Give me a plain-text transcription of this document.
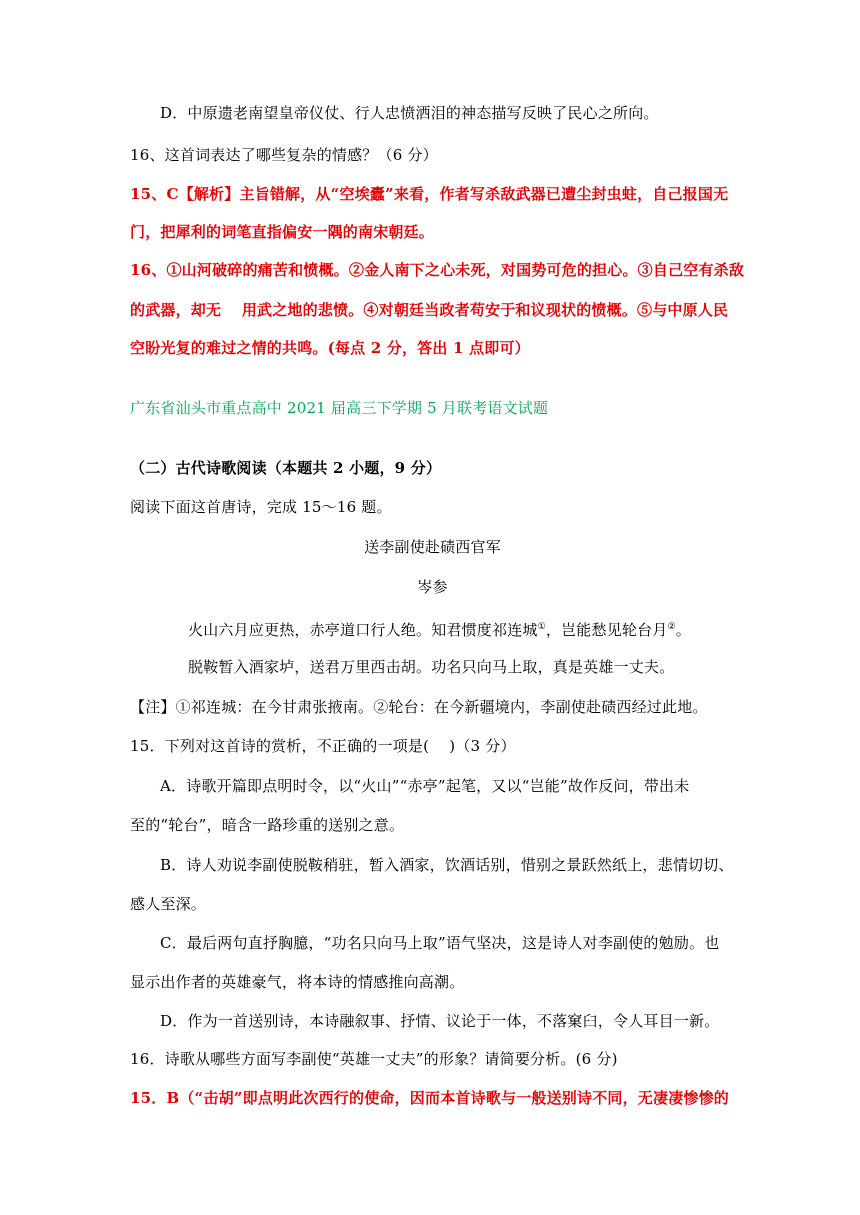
D．中原遗老南望皇帝仪仗、行人忠愤洒泪的神态描写反映了民心之所向。
16、这首词表达了哪些复杂的情感？（6 分）
15、C【解析】主旨错解，从“空埃蠹”来看，作者写杀敌武器已遭尘封虫蛀，自己报国无
门，把犀利的词笔直指偏安一隅的南宋朝廷。
16、①山河破碎的痛苦和愤概。②金人南下之心未死，对国势可危的担心。③自己空有杀敌
的武器，却无　 用武之地的悲愤。④对朝廷当政者苟安于和议现状的愤概。⑤与中原人民
空盼光复的难过之情的共鸣。(每点 2 分，答出 1 点即可）
广东省汕头市重点高中 2021 届高三下学期 5 月联考语文试题
（二）古代诗歌阅读（本题共 2 小题，9 分）
阅读下面这首唐诗，完成 15～16 题。
送李副使赴碛西官军
岑参
火山六月应更热，赤亭道口行人绝。知君惯度祁连城①，岂能愁见轮台月②。
脱鞍暂入酒家垆，送君万里西击胡。功名只向马上取，真是英雄一丈夫。
【注】①祁连城：在今甘肃张掖南。②轮台：在今新疆境内，李副使赴碛西经过此地。
15．下列对这首诗的赏析，不正确的一项是(　 )（3 分）
A．诗歌开篇即点明时令，以“火山”“赤亭”起笔，又以“岂能”故作反问，带出未
至的“轮台”，暗含一路珍重的送别之意。
B．诗人劝说李副使脱鞍稍驻，暂入酒家，饮酒话别，惜别之景跃然纸上，悲情切切、
感人至深。
C．最后两句直抒胸臆，“功名只向马上取”语气坚决，这是诗人对李副使的勉励。也
显示出作者的英雄豪气，将本诗的情感推向高潮。
D．作为一首送别诗，本诗融叙事、抒情、议论于一体，不落窠臼，令人耳目一新。
16．诗歌从哪些方面写李副使“英雄一丈夫”的形象？请简要分析。(6 分)
15．B（“击胡”即点明此次西行的使命，因而本首诗歌与一般送别诗不同，无凄凄惨惨的
